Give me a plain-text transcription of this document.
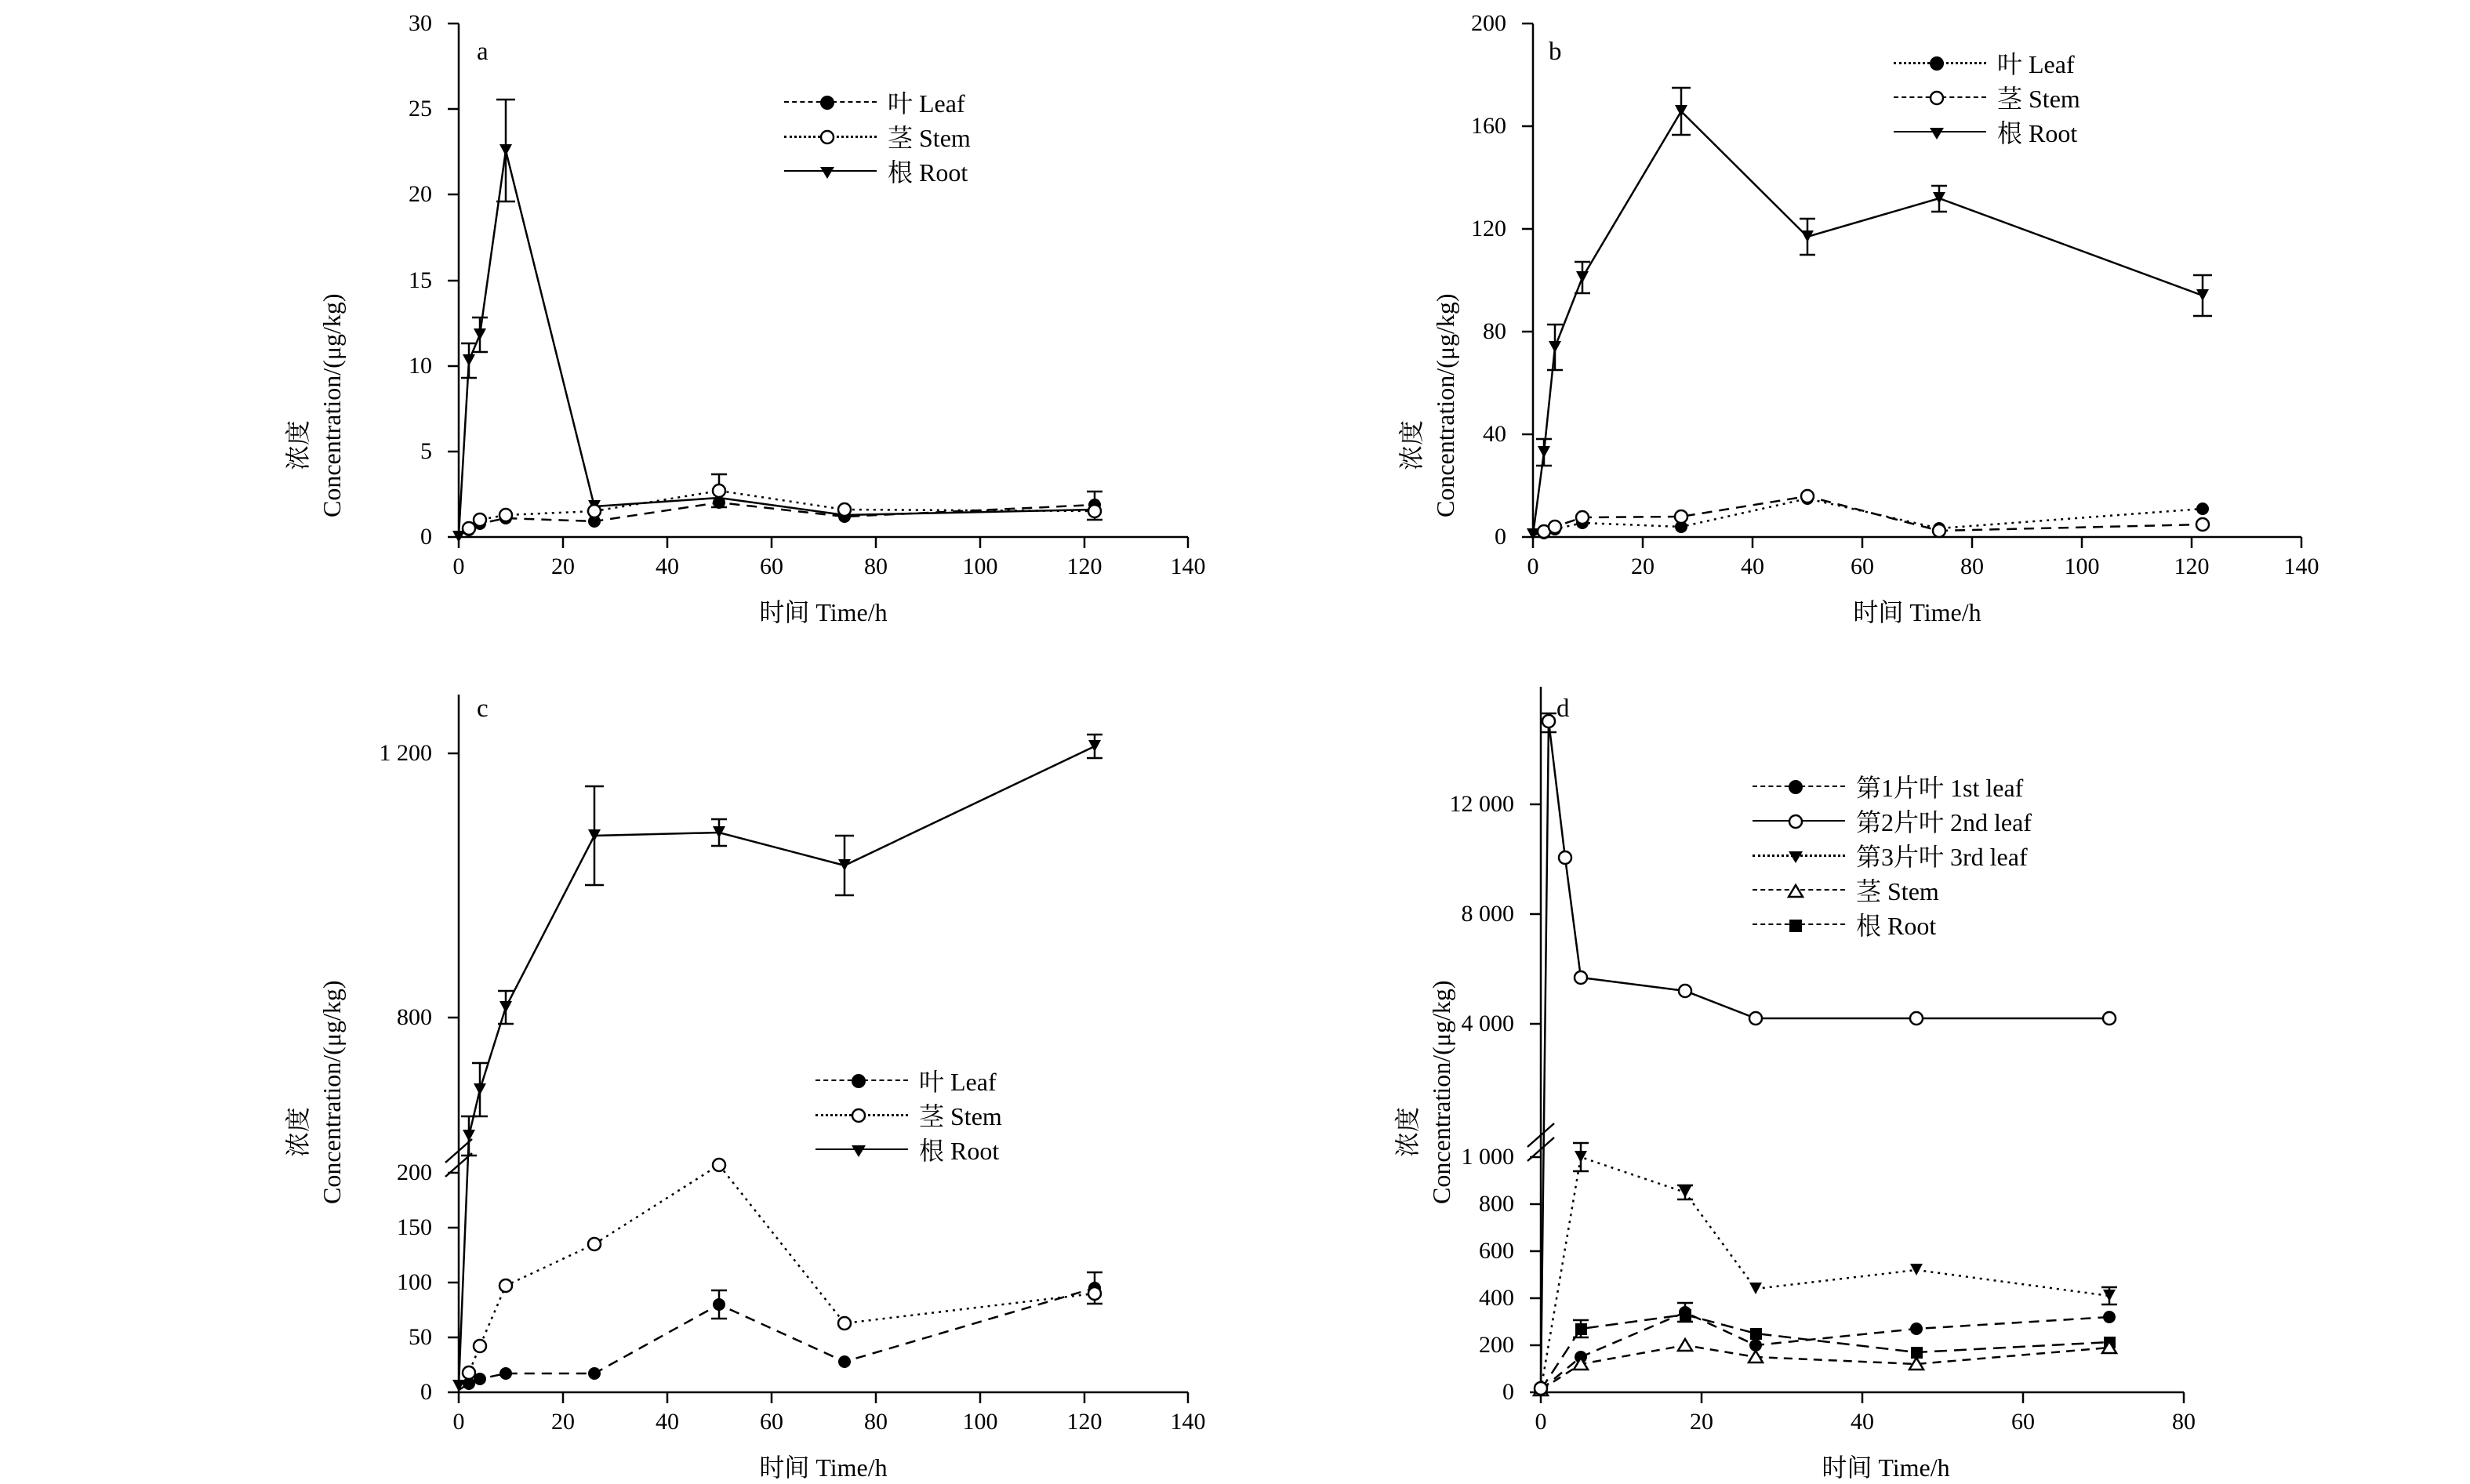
浓度 Concentration/(μg/kg)
a
0	20	40	60	80	100	120	140
0
5
10
15
20
25
30
时间 Time/h
叶 Leaf
茎 Stem
根 Root
浓度 Concentration/(μg/kg)
b
0	20	40	60	80	100	120	140
0
40
80
120
160
200
时间 Time/h
叶 Leaf
茎 Stem
根 Root
浓度 Concentration/(μg/kg)
c
0	20	40	60	80	100	120	140
0
50
100
150
200
800
1 200
时间 Time/h
叶 Leaf
茎 Stem
根 Root	浓度 Concentration/(μg/kg)
d
0	20	40	60	80
0
200
400
600
800
1 000
4 000
8 000
12 000
时间 Time/h
第1片叶 1st leaf
第2片叶 2nd leaf
第3片叶 3rd leaf
茎 Stem
根 Root
